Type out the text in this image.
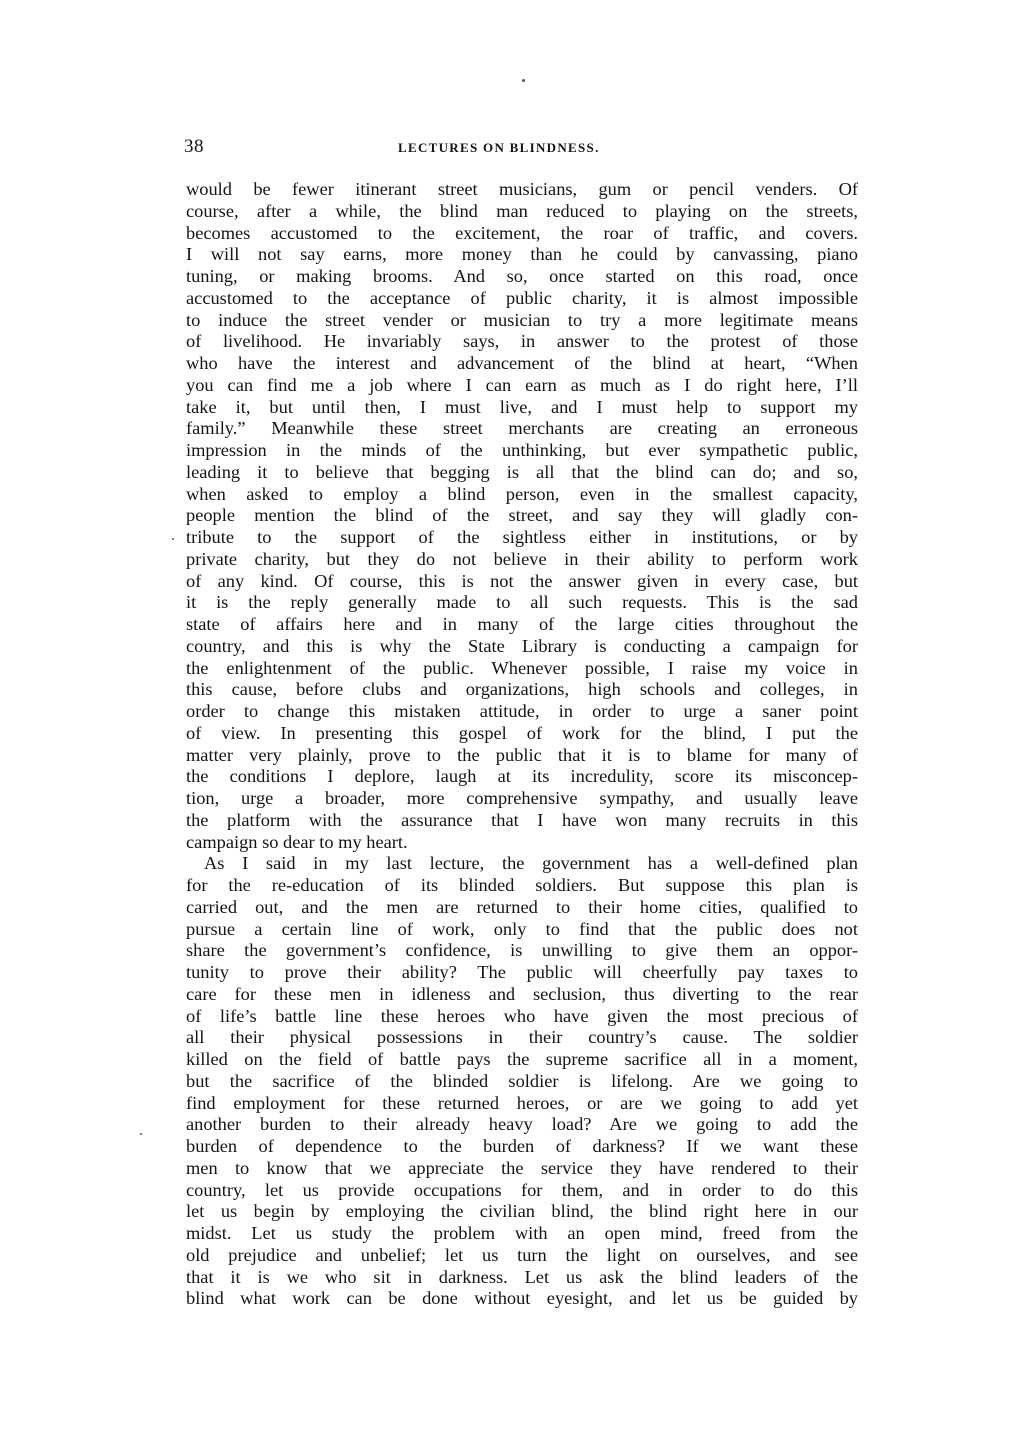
38	LECTURES ON BLINDNESS.
would be fewer itinerant street musicians, gum or pencil venders. Of
course, after a while, the blind man reduced to playing on the streets,
becomes accustomed to the excitement, the roar of traffic, and covers.
I will not say earns, more money than he could by canvassing, piano
tuning, or making brooms. And so, once started on this road, once
accustomed to the acceptance of public charity, it is almost impossible
to induce the street vender or musician to try a more legitimate means
of livelihood. He invariably says, in answer to the protest of those
who have the interest and advancement of the blind at heart, “When
you can find me a job where I can earn as much as I do right here, I’ll
take it, but until then, I must live, and I must help to support my
family.” Meanwhile these street merchants are creating an erroneous
impression in the minds of the unthinking, but ever sympathetic public,
leading it to believe that begging is all that the blind can do; and so,
when asked to employ a blind person, even in the smallest capacity,
people mention the blind of the street, and say they will gladly con-
tribute to the support of the sightless either in institutions, or by
private charity, but they do not believe in their ability to perform work
of any kind. Of course, this is not the answer given in every case, but
it is the reply generally made to all such requests. This is the sad
state of affairs here and in many of the large cities throughout the
country, and this is why the State Library is conducting a campaign for
the enlightenment of the public. Whenever possible, I raise my voice in
this cause, before clubs and organizations, high schools and colleges, in
order to change this mistaken attitude, in order to urge a saner point
of view. In presenting this gospel of work for the blind, I put the
matter very plainly, prove to the public that it is to blame for many of
the conditions I deplore, laugh at its incredulity, score its misconcep-
tion, urge a broader, more comprehensive sympathy, and usually leave
the platform with the assurance that I have won many recruits in this
campaign so dear to my heart.
As I said in my last lecture, the government has a well-defined plan
for the re-education of its blinded soldiers. But suppose this plan is
carried out, and the men are returned to their home cities, qualified to
pursue a certain line of work, only to find that the public does not
share the government’s confidence, is unwilling to give them an oppor-
tunity to prove their ability? The public will cheerfully pay taxes to
care for these men in idleness and seclusion, thus diverting to the rear
of life’s battle line these heroes who have given the most precious of
all their physical possessions in their country’s cause. The soldier
killed on the field of battle pays the supreme sacrifice all in a moment,
but the sacrifice of the blinded soldier is lifelong. Are we going to
find employment for these returned heroes, or are we going to add yet
another burden to their already heavy load? Are we going to add the
burden of dependence to the burden of darkness? If we want these
men to know that we appreciate the service they have rendered to their
country, let us provide occupations for them, and in order to do this
let us begin by employing the civilian blind, the blind right here in our
midst. Let us study the problem with an open mind, freed from the
old prejudice and unbelief; let us turn the light on ourselves, and see
that it is we who sit in darkness. Let us ask the blind leaders of the
blind what work can be done without eyesight, and let us be guided by
